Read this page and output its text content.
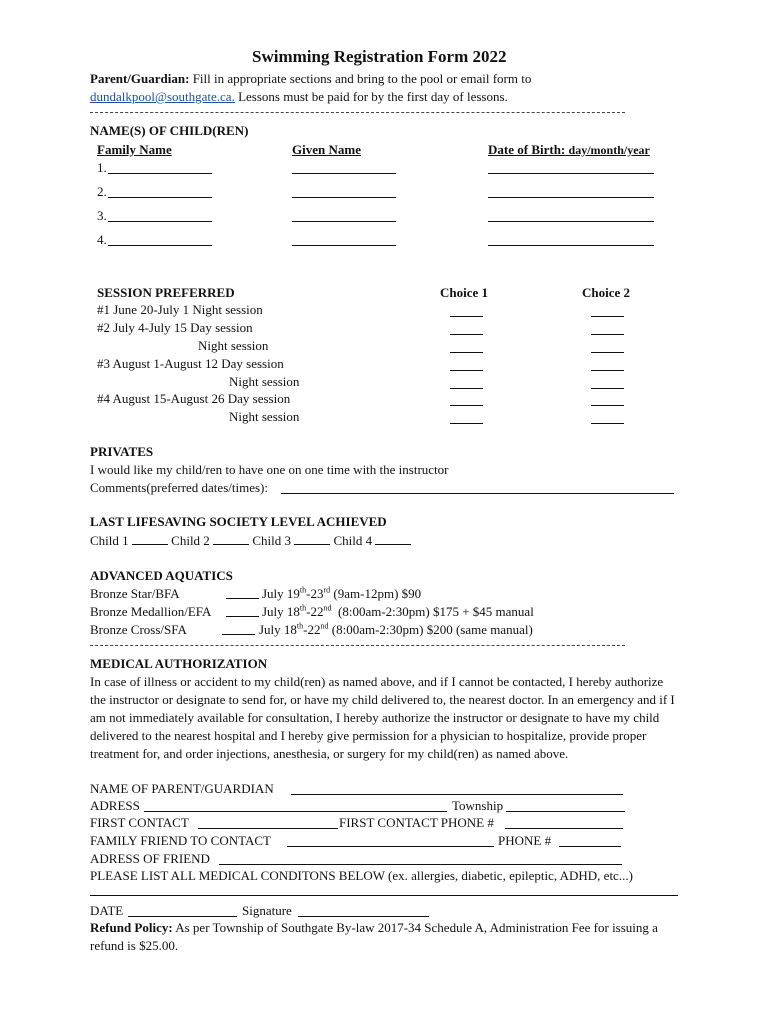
Swimming Registration Form 2022
Parent/Guardian: Fill in appropriate sections and bring to the pool or email form to
dundalkpool@southgate.ca. Lessons must be paid for by the first day of lessons.
NAME(S) OF CHILD(REN)
Family Name	Given Name	Date of Birth: day/month/year
1.
2.
3.
4.
SESSION PREFERRED	Choice 1	Choice 2
#1 June 20-July 1 Night session
#2 July 4-July 15 Day session
Night session
#3 August 1-August 12 Day session
Night session
#4 August 15-August 26 Day session
Night session
PRIVATES
I would like my child/ren to have one on one time with the instructor
Comments(preferred dates/times):
LAST LIFESAVING SOCIETY LEVEL ACHIEVED
Child 1	Child 2	Child 3	Child 4
ADVANCED AQUATICS
Bronze Star/BFA	July 19th-23rd (9am-12pm) $90
Bronze Medallion/EFA	July 18th-22nd  (8:00am-2:30pm) $175 + $45 manual
Bronze Cross/SFA	July 18th-22nd (8:00am-2:30pm) $200 (same manual)
MEDICAL AUTHORIZATION
In case of illness or accident to my child(ren) as named above, and if I cannot be contacted, I hereby authorize the instructor or designate to send for, or have my child delivered to, the nearest doctor. In an emergency and if I am not immediately available for consultation, I hereby authorize the instructor or designate to have my child delivered to the nearest hospital and I hereby give permission for a physician to hospitalize, provide proper treatment for, and order injections, anesthesia, or surgery for my child(ren) as named above.
NAME OF PARENT/GUARDIAN
ADRESS	Township
FIRST CONTACT	FIRST CONTACT PHONE #
FAMILY FRIEND TO CONTACT	PHONE #
ADRESS OF FRIEND
PLEASE LIST ALL MEDICAL CONDITONS BELOW (ex. allergies, diabetic, epileptic, ADHD, etc...)
DATE	Signature
Refund Policy: As per Township of Southgate By-law 2017-34 Schedule A, Administration Fee for issuing a refund is $25.00.
